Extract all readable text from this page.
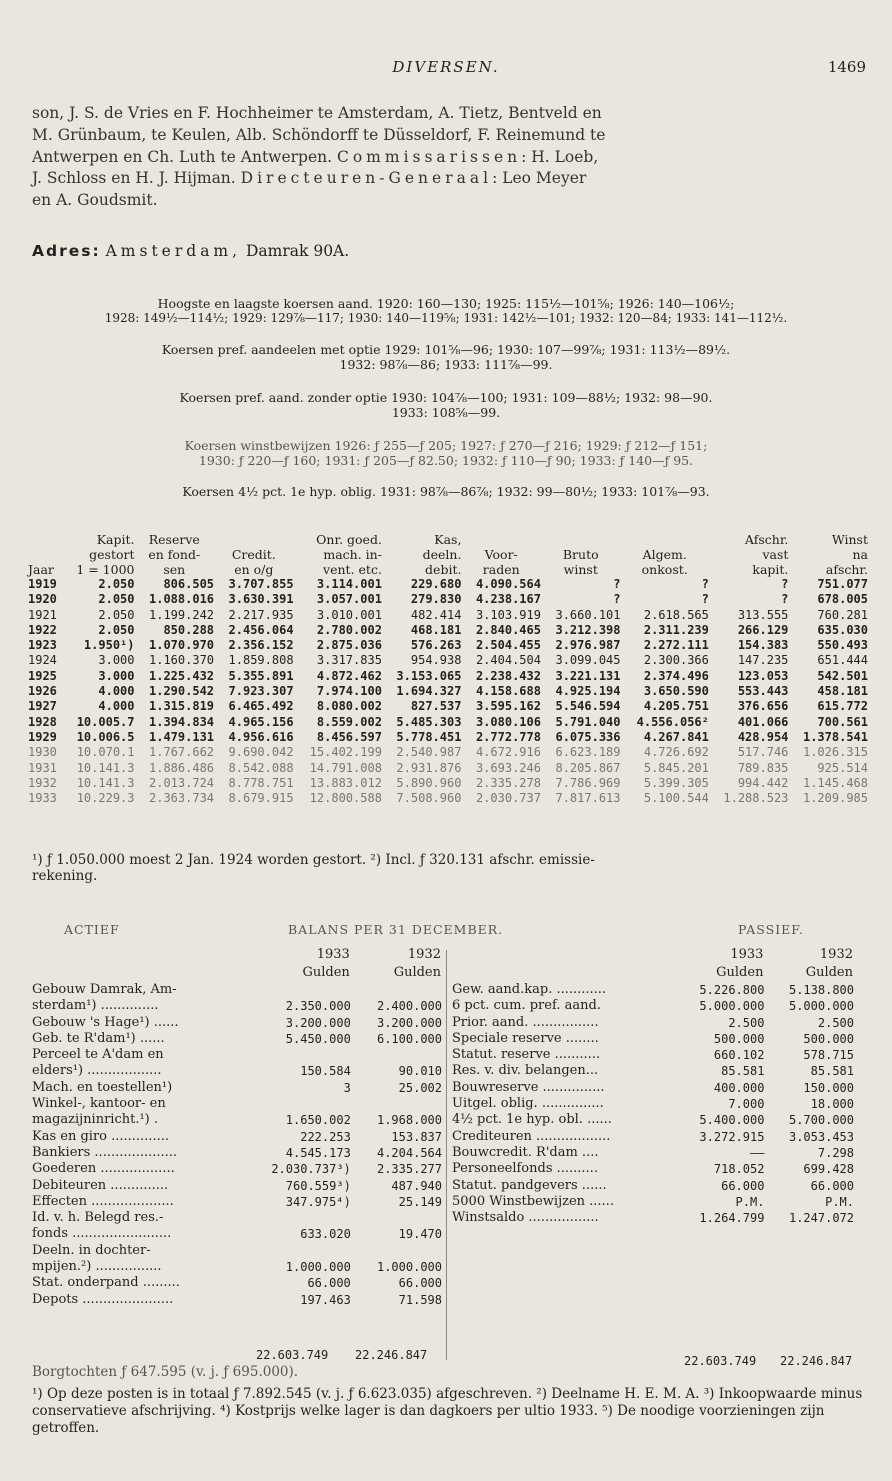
DIVERSEN.	1469

son, J. S. de Vries en F. Hochheimer te Amsterdam, A. Tietz, Bentveld en

M. Grünbaum, te Keulen, Alb. Schöndorff te Düsseldorf, F. Reinemund te

Antwerpen en Ch. Luth te Antwerpen. Commissarissen: H. Loeb,

J. Schloss en H. J. Hijman. Directeuren-Generaal: Leo Meyer

en A. Goudsmit.

Adres: Amsterdam, Damrak 90A.
Hoogste en laagste koersen aand. 1920: 160—130; 1925: 115½—101⅝; 1926: 140—106½;
1928: 149½—114½; 1929: 129⅞—117; 1930: 140—119⅝; 1931: 142½—101; 1932: 120—84; 1933: 141—112½.
Koersen pref. aandeelen met optie 1929: 101⅝—96; 1930: 107—99⅞; 1931: 113½—89½.
1932: 98⅞—86; 1933: 111⅞—99.
Koersen pref. aand. zonder optie 1930: 104⅞—100; 1931: 109—88½; 1932: 98—90.
1933: 108⅝—99.
Koersen winstbewijzen 1926: ƒ 255—ƒ 205; 1927: ƒ 270—ƒ 216; 1929: ƒ 212—ƒ 151;
1930: ƒ 220—ƒ 160; 1931: ƒ 205—ƒ 82.50; 1932: ƒ 110—ƒ 90; 1933: ƒ 140—ƒ 95.
Koersen 4½ pct. 1e hyp. oblig. 1931: 98⅞—86⅞; 1932: 99—80½; 1933: 101⅞—93.
	Kapit.	Reserve		Onr. goed.	Kas,				Afschr.	Winst
	gestort	en fond-	Credit.	mach. in-	deeln.	Voor-	Bruto	Algem.	vast	na
Jaar	1 = 1000	sen	en o/g	vent. etc.	debit.	raden	winst	onkost.	kapit.	afschr.
1919	2.050	806.505	3.707.855	3.114.001	229.680	4.090.564	?	?	?	751.077
1920	2.050	1.088.016	3.630.391	3.057.001	279.830	4.238.167	?	?	?	678.005
1921	2.050	1.199.242	2.217.935	3.010.001	482.414	3.103.919	3.660.101	2.618.565	313.555	760.281
1922	2.050	850.288	2.456.064	2.780.002	468.181	2.840.465	3.212.398	2.311.239	266.129	635.030
1923	1.950¹)	1.070.970	2.356.152	2.875.036	576.263	2.504.455	2.976.987	2.272.111	154.383	550.493
1924	3.000	1.160.370	1.859.808	3.317.835	954.938	2.404.504	3.099.045	2.300.366	147.235	651.444
1925	3.000	1.225.432	5.355.891	4.872.462	3.153.065	2.238.432	3.221.131	2.374.496	123.053	542.501
1926	4.000	1.290.542	7.923.307	7.974.100	1.694.327	4.158.688	4.925.194	3.650.590	553.443	458.181
1927	4.000	1.315.819	6.465.492	8.080.002	827.537	3.595.162	5.546.594	4.205.751	376.656	615.772
1928	10.005.7	1.394.834	4.965.156	8.559.002	5.485.303	3.080.106	5.791.040	4.556.056²	401.066	700.561
1929	10.006.5	1.479.131	4.956.616	8.456.597	5.778.451	2.772.778	6.075.336	4.267.841	428.954	1.378.541
1930	10.070.1	1.767.662	9.690.042	15.402.199	2.540.987	4.672.916	6.623.189	4.726.692	517.746	1.026.315
1931	10.141.3	1.886.486	8.542.088	14.791.008	2.931.876	3.693.246	8.205.867	5.845.201	789.835	925.514
1932	10.141.3	2.013.724	8.778.751	13.883.012	5.890.960	2.335.278	7.786.969	5.399.305	994.442	1.145.468
1933	10.229.3	2.363.734	8.679.915	12.800.588	7.508.960	2.030.737	7.817.613	5.100.544	1.288.523	1.209.985
¹) ƒ 1.050.000 moest 2 Jan. 1924 worden gestort. ²) Incl. ƒ 320.131 afschr. emissie-
rekening.
ACTIEF	BALANS PER 31 DECEMBER.	PASSIEF.
	1933	1932
	Gulden	Gulden
Gebouw Damrak, Am-		
sterdam¹) ..............	2.350.000	2.400.000
Gebouw 's Hage¹) ......	3.200.000	3.200.000
Geb. te R'dam¹) ......	5.450.000	6.100.000
Perceel te A'dam en		
elders¹) ..................	150.584	90.010
Mach. en toestellen¹)	3	25.002
Winkel-, kantoor- en		
magazijninricht.¹) .	1.650.002	1.968.000
Kas en giro ..............	222.253	153.837
Bankiers ....................	4.545.173	4.204.564
Goederen ..................	2.030.737³)	2.335.277
Debiteuren ..............	760.559³)	487.940
Effecten ....................	347.975⁴)	25.149
Id. v. h. Belegd res.-		
fonds ........................	633.020	19.470
Deeln. in dochter-		
mpijen.²) ................	1.000.000	1.000.000
Stat. onderpand .........	66.000	66.000
Depots ......................	197.463	71.598
	1933	1932
	Gulden	Gulden
Gew. aand.kap. ............	5.226.800	5.138.800
6 pct. cum. pref. aand.	5.000.000	5.000.000
Prior. aand. ................	2.500	2.500
Speciale reserve ........	500.000	500.000
Statut. reserve ...........	660.102	578.715
Res. v. div. belangen...	85.581	85.581
Bouwreserve ...............	400.000	150.000
Uitgel. oblig. ...............	7.000	18.000
4½ pct. 1e hyp. obl. ......	5.400.000	5.700.000
Crediteuren ..................	3.272.915	3.053.453
Bouwcredit. R'dam ....	——	7.298
Personeelfonds ..........	718.052	699.428
Statut. pandgevers ......	66.000	66.000
5000 Winstbewijzen ......	P.M.	P.M.
Winstsaldo .................	1.264.799	1.247.072
22.603.749 22.246.847	22.603.749 22.246.847
Borgtochten ƒ 647.595 (v. j. ƒ 695.000).
¹) Op deze posten is in totaal ƒ 7.892.545 (v. j. ƒ 6.623.035) afgeschreven. ²) Deelname H. E. M. A. ³) Inkoopwaarde minus conservatieve afschrijving. ⁴) Kostprijs welke lager is dan dagkoers per ultio 1933. ⁵) De noodige voorzieningen zijn getroffen.
